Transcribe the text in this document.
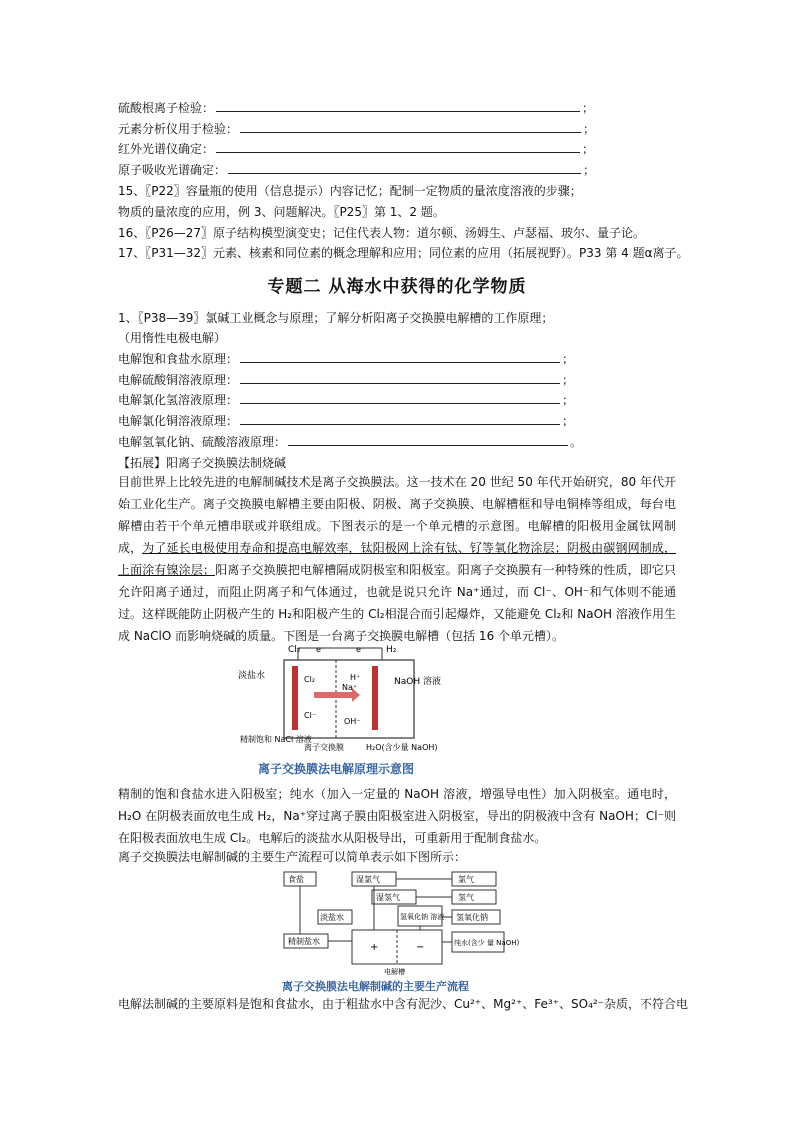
硫酸根离子检验：	；
元素分析仪用于检验：	；
红外光谱仪确定：	；
原子吸收光谱确定：	；
15、〖P22〗容量瓶的使用（信息提示）内容记忆；配制一定物质的量浓度溶液的步骤；
物质的量浓度的应用，例 3、问题解决。〖P25〗第 1、2 题。
16、〖P26—27〗原子结构模型演变史；记住代表人物：道尔顿、汤姆生、卢瑟福、玻尔、量子论。
17、〖P31—32〗元素、核素和同位素的概念理解和应用；同位素的应用（拓展视野）。P33 第 4 题α离子。
专题二 从海水中获得的化学物质
1、〖P38—39〗氯碱工业概念与原理；了解分析阳离子交换膜电解槽的工作原理；
（用惰性电极电解）
电解饱和食盐水原理：	；
电解硫酸铜溶液原理：	；
电解氯化氢溶液原理：	；
电解氯化铜溶液原理：	；
电解氢氧化钠、硫酸溶液原理：	。
【拓展】阳离子交换膜法制烧碱
目前世界上比较先进的电解制碱技术是离子交换膜法。这一技术在 20 世纪 50 年代开始研究，80 年代开始工业化生产。离子交换膜电解槽主要由阳极、阴极、离子交换膜、电解槽框和导电铜棒等组成，每台电解槽由若干个单元槽串联或并联组成。下图表示的是一个单元槽的示意图。电解槽的阳极用金属钛网制成，为了延长电极使用寿命和提高电解效率，钛阳极网上涂有钛、钌等氧化物涂层；阴极由碳钢网制成，上面涂有镍涂层；阳离子交换膜把电解槽隔成阴极室和阳极室。阳离子交换膜有一种特殊的性质，即它只允许阳离子通过，而阻止阴离子和气体通过，也就是说只允许 Na⁺通过，而 Cl⁻、OH⁻和气体则不能通过。这样既能防止阴极产生的 H₂和阳极产生的 Cl₂相混合而引起爆炸，又能避免 Cl₂和 NaOH 溶液作用生成 NaClO 而影响烧碱的质量。下图是一台离子交换膜电解槽（包括 16 个单元槽）。
Cl₂	H₂
e⁻	e⁻
淡盐水
NaOH 溶液
Cl₂	H⁺
Na⁺
Cl⁻
OH⁻
精制饱和 NaCl 溶液
离子交换膜	H₂O(含少量 NaOH)
离子交换膜法电解原理示意图
精制的饱和食盐水进入阳极室；纯水（加入一定量的 NaOH 溶液，增强导电性）加入阴极室。通电时，H₂O 在阴极表面放电生成 H₂，Na⁺穿过离子膜由阳极室进入阴极室，导出的阴极液中含有 NaOH；Cl⁻则在阳极表面放电生成 Cl₂。电解后的淡盐水从阳极导出，可重新用于配制食盐水。
离子交换膜法电解制碱的主要生产流程可以简单表示如下图所示：
食盐	湿氯气	氯气
湿氢气	氢气
氢氧化钠 溶液 氢氧化钠
淡盐水
精制盐水
+	−	纯水(含少 量 NaOH)
电解槽
离子交换膜法电解制碱的主要生产流程
电解法制碱的主要原料是饱和食盐水，由于粗盐水中含有泥沙、Cu²⁺、Mg²⁺、Fe³⁺、SO₄²⁻杂质，不符合电
